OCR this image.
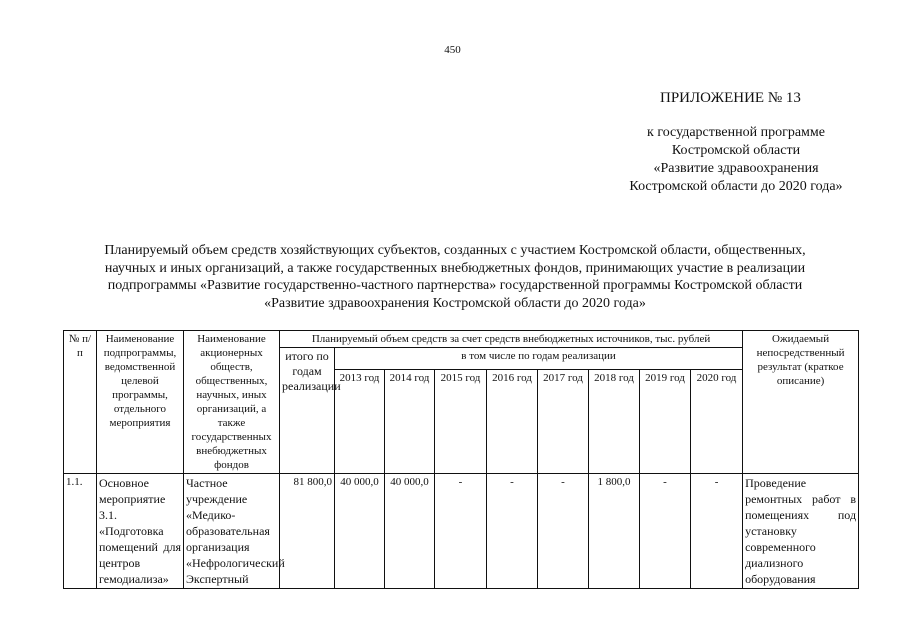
450
ПРИЛОЖЕНИЕ № 13
к государственной программе
Костромской области
«Развитие здравоохранения
Костромской области до 2020 года»
Планируемый объем средств хозяйствующих субъектов, созданных с участием Костромской области, общественных,
научных и иных организаций, а также государственных внебюджетных фондов, принимающих участие в реализации
подпрограммы «Развитие государственно-частного партнерства» государственной программы Костромской области
«Развитие здравоохранения Костромской области до 2020 года»
№ п/п	Наименование подпрограммы, ведомственной целевой программы, отдельного мероприятия	Наименование акционерных обществ, общественных, научных, иных организаций, а также государственных внебюджетных фондов	Планируемый объем средств за счет средств внебюджетных источников, тыс. рублей									Ожидаемый непосредственный результат (краткое описание)
			итого по годам реализации	в том числе по годам реализации								
				2013 год	2014 год	2015 год	2016 год	2017 год	2018 год	2019 год	2020 год	
1.1.	Основное мероприятие 3.1. «Подготовка помещений для центров гемодиализа»	Частное учреждение «Медико-образовательная организация «Нефрологический Экспертный	81 800,0	40 000,0	40 000,0	-	-	-	1 800,0	-	-	Проведение ремонтных работ в помещениях под установку современного диализного оборудования
